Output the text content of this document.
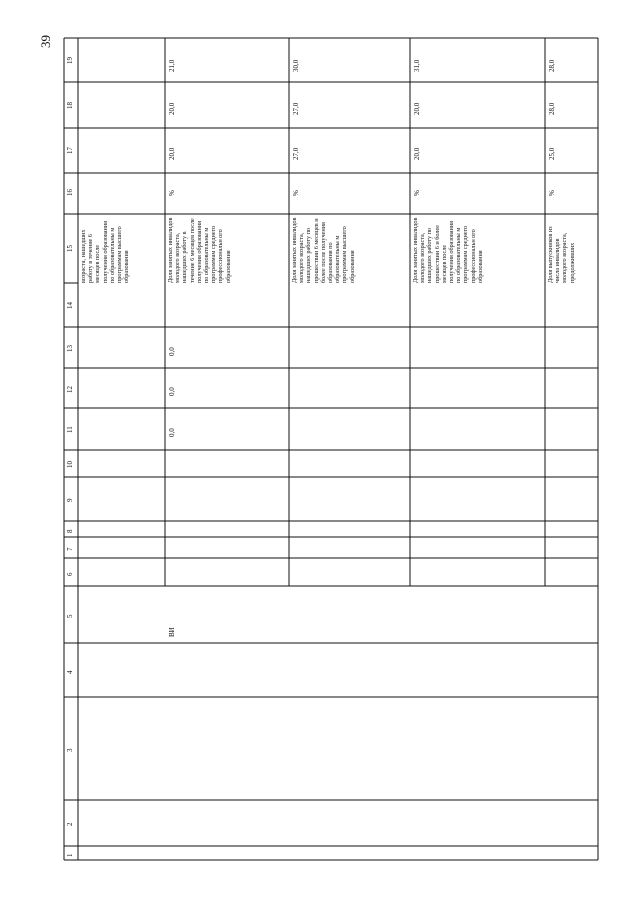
39
19
18
17
16
15
14
13
12
11
10
9
8
7
6
5
4
3
2
1
возраста, нашедших работу в течение 6 месяцев после получения образования по образовательны м программам высшего образования	Доля занятых инвалидов молодого возраста, нашедших работу в течение 6 месяцев после получения образования по образовательны м программам среднего профессиональн ого образования
%
20,0
20,0
21,0
0,0
0,0
0,0
ВИ
Доля занятых инвалидов молодого возраста, нашедших работу по прошествии 6 месяцев и более после получения образования по образовательны м программам высшего образования
%
27,0
27,0
30,0
Доля занятых инвалидов молодого возраста, нашедших работу по прошествии 6 и более месяцев после получения образования по образовательны м программам среднего профессиональн ого образования
%
20,0
20,0
31,0
Доля выпускников из числа инвалидов молодого возраста, продолживших
%
25,0
28,0
28,0
